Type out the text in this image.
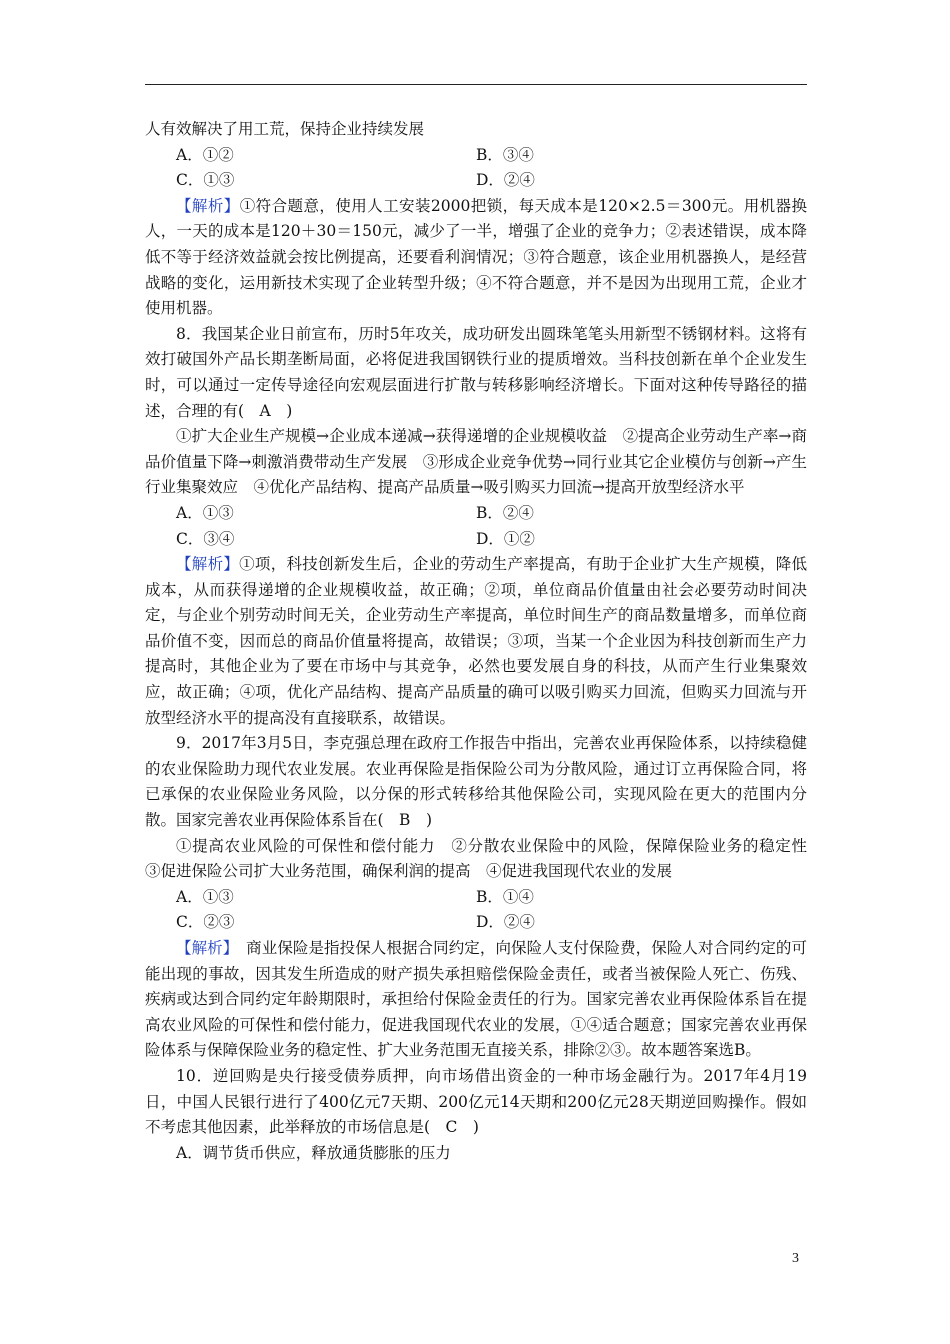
人有效解决了用工荒，保持企业持续发展

A．①②	B．③④
C．①③	D．②④

【解析】①符合题意，使用人工安装2000把锁，每天成本是120×2.5＝300元。用机器换人，一天的成本是120＋30＝150元，减少了一半，增强了企业的竞争力；②表述错误，成本降低不等于经济效益就会按比例提高，还要看利润情况；③符合题意，该企业用机器换人，是经营战略的变化，运用新技术实现了企业转型升级；④不符合题意，并不是因为出现用工荒，企业才使用机器。

8．我国某企业日前宣布，历时5年攻关，成功研发出圆珠笔笔头用新型不锈钢材料。这将有效打破国外产品长期垄断局面，必将促进我国钢铁行业的提质增效。当科技创新在单个企业发生时，可以通过一定传导途径向宏观层面进行扩散与转移影响经济增长。下面对这种传导路径的描述，合理的有(　A　)

①扩大企业生产规模→企业成本递减→获得递增的企业规模收益　②提高企业劳动生产率→商品价值量下降→刺激消费带动生产发展　③形成企业竞争优势→同行业其它企业模仿与创新→产生行业集聚效应　④优化产品结构、提高产品质量→吸引购买力回流→提高开放型经济水平

A．①③	B．②④
C．③④	D．①②

【解析】①项，科技创新发生后，企业的劳动生产率提高，有助于企业扩大生产规模，降低成本，从而获得递增的企业规模收益，故正确；②项，单位商品价值量由社会必要劳动时间决定，与企业个别劳动时间无关，企业劳动生产率提高，单位时间生产的商品数量增多，而单位商品价值不变，因而总的商品价值量将提高，故错误；③项，当某一个企业因为科技创新而生产力提高时，其他企业为了要在市场中与其竞争，必然也要发展自身的科技，从而产生行业集聚效应，故正确；④项，优化产品结构、提高产品质量的确可以吸引购买力回流，但购买力回流与开放型经济水平的提高没有直接联系，故错误。

9．2017年3月5日，李克强总理在政府工作报告中指出，完善农业再保险体系，以持续稳健的农业保险助力现代农业发展。农业再保险是指保险公司为分散风险，通过订立再保险合同，将已承保的农业保险业务风险，以分保的形式转移给其他保险公司，实现风险在更大的范围内分散。国家完善农业再保险体系旨在(　B　)

①提高农业风险的可保性和偿付能力　②分散农业保险中的风险，保障保险业务的稳定性　③促进保险公司扩大业务范围，确保利润的提高　④促进我国现代农业的发展

A．①③	B．①④
C．②③	D．②④

【解析】　商业保险是指投保人根据合同约定，向保险人支付保险费，保险人对合同约定的可能出现的事故，因其发生所造成的财产损失承担赔偿保险金责任，或者当被保险人死亡、伤残、疾病或达到合同约定年龄期限时，承担给付保险金责任的行为。国家完善农业再保险体系旨在提高农业风险的可保性和偿付能力，促进我国现代农业的发展，①④适合题意；国家完善农业再保险体系与保障保险业务的稳定性、扩大业务范围无直接关系，排除②③。故本题答案选B。

10．逆回购是央行接受债券质押，向市场借出资金的一种市场金融行为。2017年4月19日，中国人民银行进行了400亿元7天期、200亿元14天期和200亿元28天期逆回购操作。假如不考虑其他因素，此举释放的市场信息是(　C　)

A．调节货币供应，释放通货膨胀的压力
3
